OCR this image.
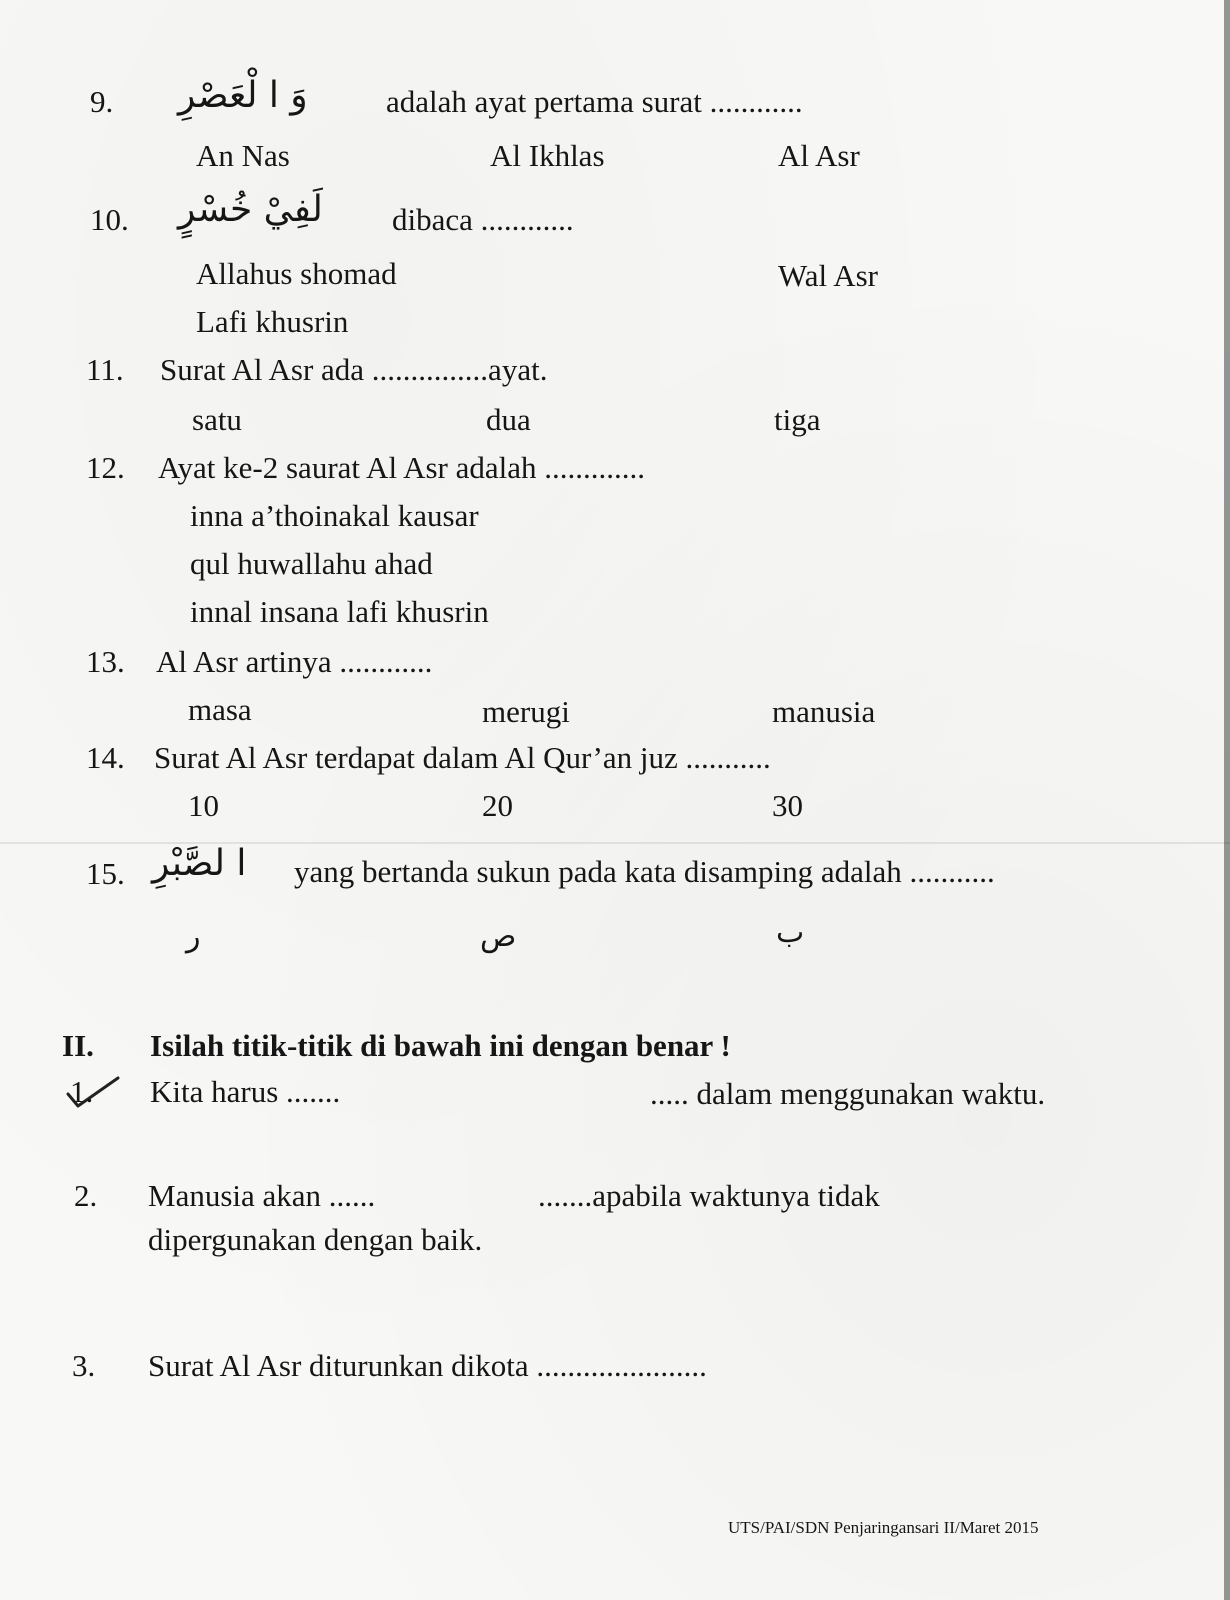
9. وَ ا لْعَصْرِ	adalah ayat pertama surat ............
An Nas	Al Ikhlas	Al Asr
10. لَفِيْ خُسْرٍ dibaca ............
Allahus shomad	Wal Asr
Lafi khusrin
11. Surat Al Asr ada ...............ayat.
satu	dua	tiga
12. Ayat ke-2 saurat Al Asr adalah .............
inna a’thoinakal kausar
qul huwallahu ahad
innal insana lafi khusrin
13. Al Asr artinya ............
masa	merugi	manusia
14. Surat Al Asr terdapat dalam Al Qur’an juz ...........
10	20	30
15. ا لصَّبْرِ yang bertanda sukun pada kata disamping adalah ...........
ر	ص	ب
II. Isilah titik-titik di bawah ini dengan benar !
1. Kita harus .......	..... dalam menggunakan waktu.
2. Manusia akan ......	.......apabila waktunya tidak
dipergunakan dengan baik.
3. Surat Al Asr diturunkan dikota ......................
UTS/PAI/SDN Penjaringansari II/Maret 2015
